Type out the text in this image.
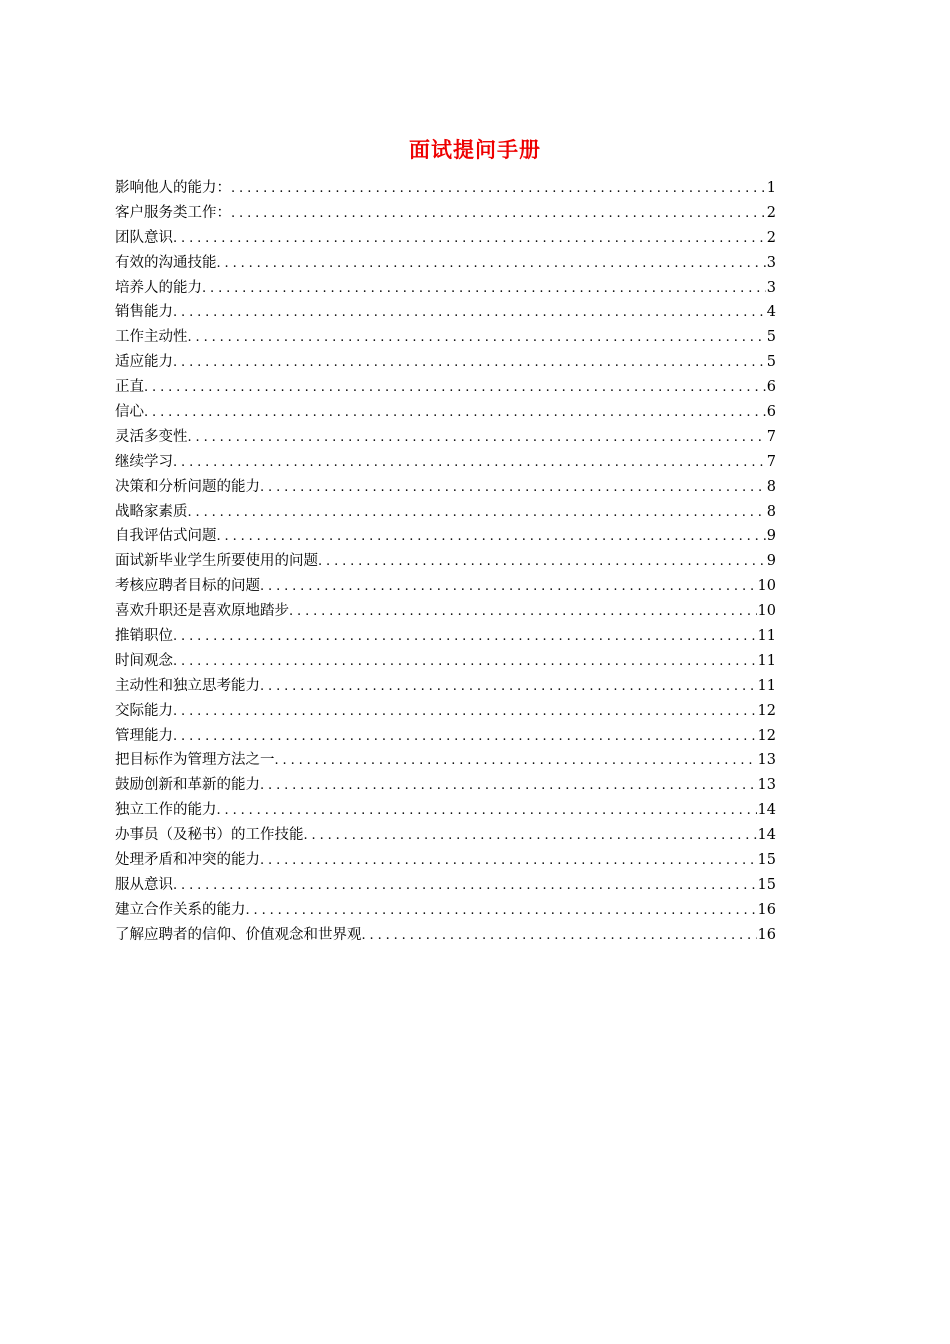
面试提问手册
影响他人的能力： .....	1
客户服务类工作： .....	2
团队意识 .....	2
有效的沟通技能 .....	3
培养人的能力 .....	3
销售能力 .....	4
工作主动性 .....	5
适应能力 .....	5
正直 .....	6
信心 .....	6
灵活多变性 .....	7
继续学习 .....	7
决策和分析问题的能力 .....	8
战略家素质 .....	8
自我评估式问题 .....	9
面试新毕业学生所要使用的问题 .....	9
考核应聘者目标的问题 .....	10
喜欢升职还是喜欢原地踏步 .....	10
推销职位 .....	11
时间观念 .....	11
主动性和独立思考能力 .....	11
交际能力 .....	12
管理能力 .....	12
把目标作为管理方法之一 .....	13
鼓励创新和革新的能力 .....	13
独立工作的能力 .....	14
办事员（及秘书）的工作技能 .....	14
处理矛盾和冲突的能力 .....	15
服从意识 .....	15
建立合作关系的能力 .....	16
了解应聘者的信仰、价值观念和世界观 .....	16
